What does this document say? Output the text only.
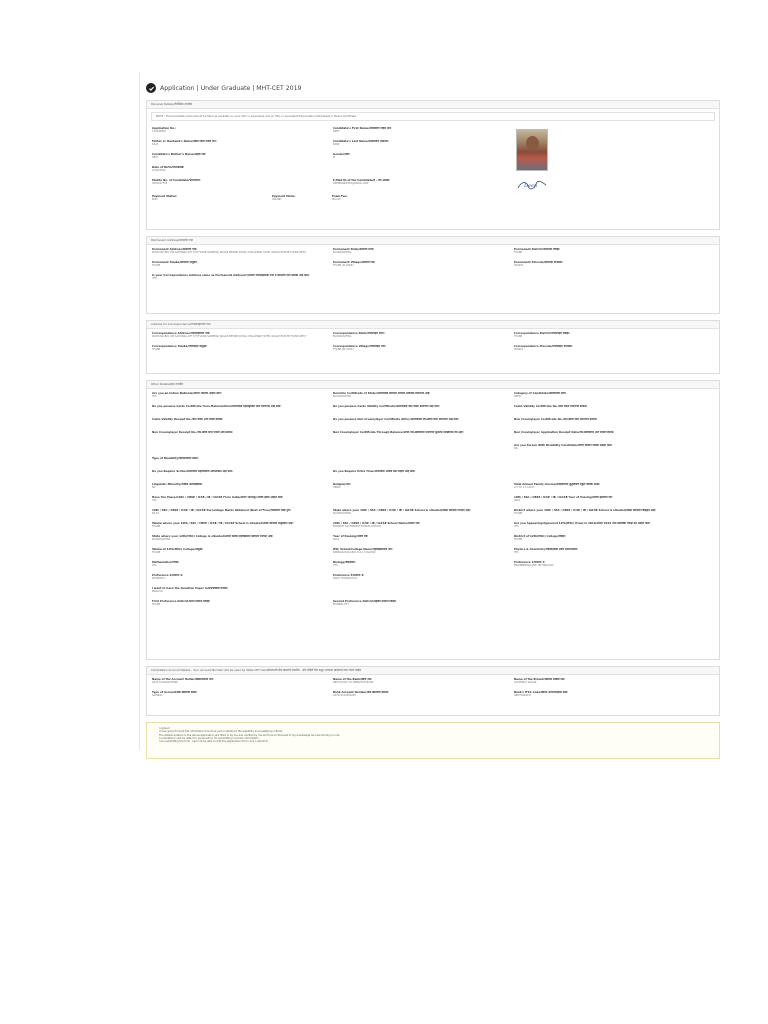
Application | Under Graduate | MHT-CET 2019
Personal Details/वैयक्तिक तपशील
NOTE : The Candidate name should be filled as available on your SSC or equivalent and on HSC or equivalent Examination Marksheet or Board Certificate
Application No.:
119340809
Candidate's First Name/उमेदवाराचे पहिले नाव:
DEEP
Father or Husband's Name/वडील किंवा पतीचे नाव:
DILIP
Candidate's Last Name/उमेदवाराचे आडनाव:
BANE
Candidate's Mother's Name/आईचे नाव:
DIPTI
Gender/लिंग:
M
Date of Birth/जन्मतारीख:
07/06/2001
Mobile No. of Candidate/भ्रमणध्वनी:
9320547785
E-Mail ID of the Candidate/ई - मेल आयडी:
DEEPBANE1802@GMAIL.COM	Deep
Payment Status:
PAID
Payment Mode:
ONLINE
Exam Fee:
800.00
Permanent Address/कायमचा पत्ता
Permanent Address/कायमचा पत्ता:
ROOM NO-B01 OM SADHANA APT 4TH FLOOR SAMBHAJI NAGAR BEHIND ROYAL CHALLENGE HOTEL WAGLE ESTATE THANE WEST
Permanent State/कायमचे राज्य:
MAHARASHTRA
Permanent District/कायमचा जिल्हा:
THANE
Permanent Taluka/कायमचा तालुका:
THANE
Permanent Village/कायमचे गाव:
THANE (M CORP.)
Permanent Pincode/कायमचा पिनकोड:
400604
Is your Correspondence Address same as Permanent Address?/आपला पत्रव्यवहाराचा पत्ता व कायमचा पत्ता सारखा आहे काय:
YES
Address for Correspondence/पत्रव्यवहाराचा पत्ता
Correspondence Address/पत्रव्यवहाराचा पत्ता:
ROOM NO-B01 OM SADHANA APT 4TH FLOOR SAMBHAJI NAGAR BEHIND ROYAL CHALLENGE HOTEL WAGLE ESTATE THANE WEST
Correspondence State/पत्रव्यवहार राज्य:
MAHARASHTRA
Correspondence District/पत्रव्यवहार जिल्हा:
THANE
Correspondence Taluka/पत्रव्यवहार तालुका:
THANE
Correspondence Village/पत्रव्यवहार गाव:
THANE (M CORP.)
Correspondence Pincode/पत्रव्यवहार पिनकोड:
400604
Other Details/इतर तपशील
Are you an Indian National/आपण भारतीय आहात काय:
YES
Domicile Certificate of State/आपल्याकडे कोणत्या राज्याचे अधिवास प्रमाणपत्र आहे:
MAHARASHTRA
Category of Candidate/उमेदवाराचा प्रवर्ग:
OPEN
Do you possess Caste Certificate from Maharashtra/आपल्याकडे महाराष्ट्रातील जात प्रमाणपत्र आहे काय:	Do you possess Caste Validity Certificate/आपल्याकडे जात वैधता प्रमाणपत्र आहे काय:	Caste Validity Certificate No./जात वैधता प्रमाणपत्र क्रमांक:
Caste Validity Receipt No./जात वैधता अर्ज पावती क्रमांक:	Do you possess Non Creamylayer Certificate (NCL)/आपल्याकडे नॉन-क्रीमी लेयर प्रमाणपत्र आहे काय:	Non Creamylayer Certificate No./नॉन-क्रीमी लेयर प्रमाणपत्र क्रमांक:
Non Creamylayer Receipt No./नॉन-क्रीमी लेयर पावती अर्ज क्रमांक:	Non Creamylayer Certificate Through Balance/आपले नॉन-क्रीमिलेयर प्रमाणपत्र कुठल्या तारखेपर्यंत वैध आहे:
-
Non Creamylayer Application Receipt Date/नॉन-क्रीमीलेयर अर्ज पावती दिनांक:
Are you Person With Disability Candidate/आपण दिव्यांग व्यक्ती आहात काय:
NO
Type of Disability/दिव्यांगत्वाचा प्रकार:
Do you Require Scribe/आपल्याला सहाय्यकाची आवश्यकता आहे काय:	Do you Require Extra Time/आपल्याला अधिक वेळ पाहिजे आहे काय:
Linguistic Minority/भाषिक अल्पसंख्याक:
NO
Religion/धर्म:
HINDU
Total Annual Family Income/उमेदवाराच्या कुटुंबियांचे एकूण वार्षिक उत्पन्न:
2.5 TO 3.5 LAKH
Have You Passed SSC / CBSE / ICSE / IB / IGCSE From India/आपण भारतातून उत्तीर्ण झाला आहात काय:
YES
10th / SSC / CBSE / ICSE / IB / IGCSE Year of Passing/उत्तीर्ण झाल्याचे वर्ष:
2016
10th / SSC / CBSE / ICSE / IB / IGCSE Percentage Marks Obtained (Best of Five)/मिळालेले टक्के गुण:
86.40
State where your 10th / SSC / CBSE / ICSE / IB / IGCSE School is situated/शाळा कोणत्या राज्यात आहे:
MAHARASHTRA
District where your 10th / SSC / CBSE / ICSE / IB / IGCSE School is situated/शाळा कोणत्या जिल्ह्यात आहे:
THANE
Taluka where your 10th / SSC / CBSE / ICSE / IB / IGCSE School is situated/शाळा कोणत्या तालुक्यात आहे:
THANE
10th / SSC / CBSE / ICSE / IB / IGCSE School Name/शाळेचे नाव:
SHRIMATI SAVITRIDEVI THIRANI SCHOOL
Are you Appearing/Appeared 12th(HSC) Exam in 2019/आपण 2019 मध्ये बारावीची परीक्षा देत आहात काय:
YES
State where your 12th(HSC) College is situated/आपले कनिष्ठ महाविद्यालय कोणत्या राज्यात आहे:
MAHARASHTRA
Year of Passing/उत्तीर्ण वर्ष:
2019
District of 12th(HSC) College/जिल्हा:
THANE
Taluka of 12th(HSC) College/तालुका:
THANE
HSC School/College Name/महाविद्यालयाचे नाव:
RAMNARAYAN ARYA D.A.V COLLEGE
Physics & Chemistry/भौतिकशास्त्र आणि रसायनशास्त्र:
YES
Mathematics/गणित:
YES
Biology/जीवशास्त्र:
YES
Preference 1/प्राधान्य 1:
ENGINEERING AND TECHNOLOGY
Preference 2/प्राधान्य 2:
PHARMACY
Preference 3/प्राधान्य 3:
DAIRY TECHNOLOGY
I want to have the Question Paper in/प्रश्नपत्रिकेचे माध्यम:
ENGLISH
First Preference District/प्रथम प्राधान्य जिल्हा:
THANE
Second Preference District/द्वितीय प्राधान्य जिल्हा:
MUMBAI CITY
Candidate's Account Details - Your Account Number will be used by State CET Cell/उमेदवाराचे बँक खात्याचे तपशील - स्टेट सीईटी सेल कडून आपल्या खात्याचा वापर केला जाईल
Name of the Account Holder/खातेधारकाचे नाव:
DILIP TUKARAM BANE
Name of the Bank/बँकेचे नाव:
ABHYUDAYA CO-OPERATIVE BANK
Name of the Branch/बँकेच्या शाखेचे नाव:
LOKMANYA NAGAR
Type of Account/बँक खात्याचा प्रकार:
SAVINGS
Bank Account Number/बँक खात्याचा क्रमांक:
047011100002204
Bank's IFSC Code/बँकेचा आयएफएससी कोड:
ABHY0065047
I Agreed
I have gone through the information brochure and understood the eligibility and qualifying criteria.
The details entered in the above application are filled in by me and verified by me and true to the best of my knowledge and are binding on me.
I understand I will be liable for penal action for submitting incorrect information.
I am submitting the form. I will not be able to edit the application form once I submit it.
